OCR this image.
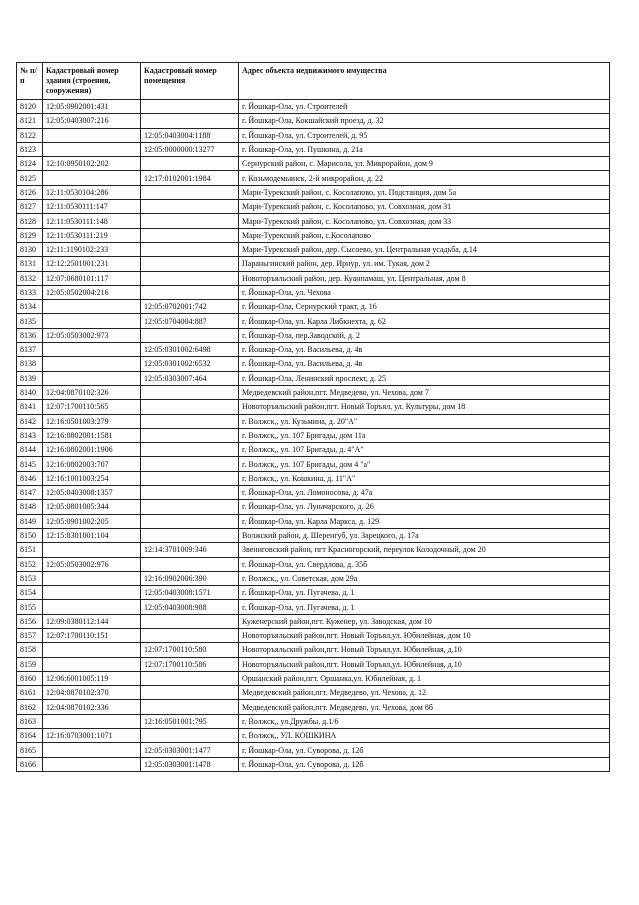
№ п/п	Кадастровый номер здания (строения, сооружения)	Кадастровый номер помещения	Адрес объекта недвижимого имущества
8120	12:05:0902001:431		г. Йошкар-Ола, ул. Строителей
8121	12:05:0403007:216		г. Йошкар-Ола, Кокшайский проезд, д. 32
8122		12:05:0403004:1188	г. Йошкар-Ола, ул. Строителей, д. 95
8123		12:05:0000000:13277	г. Йошкар-Ола, ул. Пушкина, д. 21а
8124	12:10:0950102:202		Сернурский район, с. Марисола, ул. Микрорайон, дом 9
8125		12:17:0102001:1984	г. Козьмодемьянск, 2-й микрорайон, д. 22
8126	12:11:0530104:286		Мари-Турекский район, с. Косолапово, ул. Подстанция, дом 5а
8127	12:11:0530111:147		Мари-Турекский район, с. Косолапово, ул. Совхозная, дом 31
8128	12:11:0530111:148		Мари-Турекский район, с. Косолапово, ул. Совхозная, дом 33
8129	12:11:0530111:219		Мари-Турекский район, с.Косолапово
8130	12:11:1190102:233		Мари-Турекский район, дер. Сысоево, ул. Центральная усадьба, д.14
8131	12:12:2501001:231		Параньгинский район, дер. Ирнур, ул. им. Тукая, дом 2
8132	12:07:0680101:117		Новоторъяльский район, дер. Куанпамаш, ул. Центральная, дом 8
8133	12:05:0502004:216		г. Йошкар-Ола, ул. Чехова
8134		12:05:0702001:742	г. Йошкар-Ола, Сернурский тракт, д. 16
8135		12:05:0704004:887	г. Йошкар-Ола, ул. Карла Либкнехта, д. 62
8136	12:05:0503002:973		г. Йошкар-Ола, пер.Заводской, д. 2
8137		12:05:0301002:6498	г. Йошкар-Ола, ул. Васильева, д. 4в
8138		12:05:0301002:6532	г. Йошкар-Ола, ул. Васильева, д. 4в
8139		12:05:0303007:464	г. Йошкар-Ола, Ленинский проспект, д. 25
8140	12:04:0870102:326		Медведевский район,пгт. Медведево, ул. Чехова, дом 7
8141	12:07:1700110:565		Новоторъяльский район,пгт. Новый Торъял, ул. Культуры, дом 18
8142	12:16:0501003:279		г. Волжск,, ул. Кузьмина, д. 20"А"
8143	12:16:0802001:1581		г. Волжск,, ул. 107 Бригады, дом 11а
8144	12:16:0802001:1906		г. Волжск,, ул. 107 Бригады, д. 4"А"
8145	12:16:0802003:707		г. Волжск,, ул. 107 Бригады, дом 4 "а"
8146	12:16:1001003:254		г. Волжск,, ул. Кошкина, д. 11"А"
8147	12:05:0403008:1357		г. Йошкар-Ола, ул. Ломоносова, д. 47а
8148	12:05:0801005:344		г. Йошкар-Ола, ул. Луначарского, д. 26
8149	12:05:0901002:205		г. Йошкар-Ола, ул. Карла Маркса, д. 129
8150	12:15:8301001:104		Волжский район, д. Шеренгуб, ул. Зарецкого, д. 17а
8151		12:14:3701009:346	Звениговский район, пгт Красногорский, переулок Колодочный, дом 20
8152	12:05:0503002:976		г. Йошкар-Ола, ул. Свердлова, д. 35б
8153		12:16:0902006:390	г. Волжск,, ул. Советская, дом 29а
8154		12:05:0403008:1571	г. Йошкар-Ола, ул. Пугачева, д. 1
8155		12:05:0403008:988	г. Йошкар-Ола, ул. Пугачева, д. 1
8156	12:09:0380112:144		Куженерский район,пгт. Куженер, ул. Заводская, дом 10
8157	12:07:1700110:151		Новоторъяльский район,пгт. Новый Торъял,ул. Юбилейная, дом 10
8158		12:07:1700110:580	Новоторъяльский район,пгт. Новый Торъял,ул. Юбилейная, д.10
8159		12:07:1700110:586	Новоторъяльский район,пгт. Новый Торъял,ул. Юбилейная, д.10
8160	12:06:6001005:119		Оршанский район,пгт. Оршанка,ул. Юбилейная, д. 1
8161	12:04:0870102:370		Медведевский район,пгт. Медведево, ул. Чехова, д. 12
8162	12:04:0870102:336		Медведевский район,пгт. Медведево, ул. Чехова, дом 8б
8163		12:16:0501001:795	г. Волжск,, ул.Дружбы, д.1/6
8164	12:16:0703001:1071		г. Волжск,, УЛ. КОШКИНА
8165		12:05:0303001:1477	г. Йошкар-Ола, ул. Суворова, д. 12б
8166		12:05:0303001:1478	г. Йошкар-Ола, ул. Суворова, д. 12б
